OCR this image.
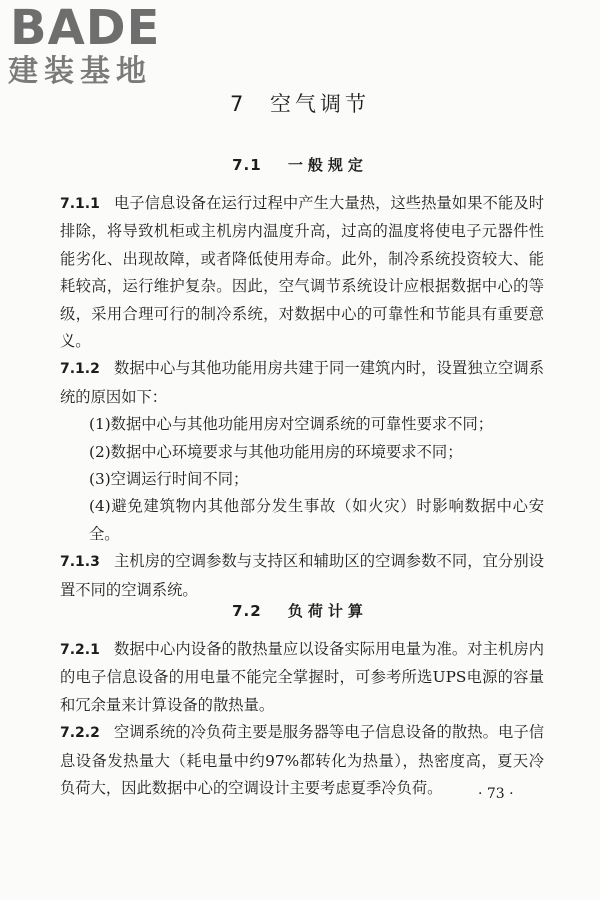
BADE
建装基地
7 空气调节
7.1 一般规定

7.1.1 电子信息设备在运行过程中产生大量热，这些热量如果不能及时排除，将导致机柜或主机房内温度升高，过高的温度将使电子元器件性能劣化、出现故障，或者降低使用寿命。此外，制冷系统投资较大、能耗较高，运行维护复杂。因此，空气调节系统设计应根据数据中心的等级，采用合理可行的制冷系统，对数据中心的可靠性和节能具有重要意义。

7.1.2 数据中心与其他功能用房共建于同一建筑内时，设置独立空调系统的原因如下：

(1)数据中心与其他功能用房对空调系统的可靠性要求不同；

(2)数据中心环境要求与其他功能用房的环境要求不同；

(3)空调运行时间不同；

(4)避免建筑物内其他部分发生事故（如火灾）时影响数据中心安全。

7.1.3 主机房的空调参数与支持区和辅助区的空调参数不同，宜分别设置不同的空调系统。

7.2 负荷计算

7.2.1 数据中心内设备的散热量应以设备实际用电量为准。对主机房内的电子信息设备的用电量不能完全掌握时，可参考所选UPS电源的容量和冗余量来计算设备的散热量。

7.2.2 空调系统的冷负荷主要是服务器等电子信息设备的散热。电子信息设备发热量大（耗电量中约97%都转化为热量），热密度高，夏天冷负荷大，因此数据中心的空调设计主要考虑夏季冷负荷。	· 73 ·
